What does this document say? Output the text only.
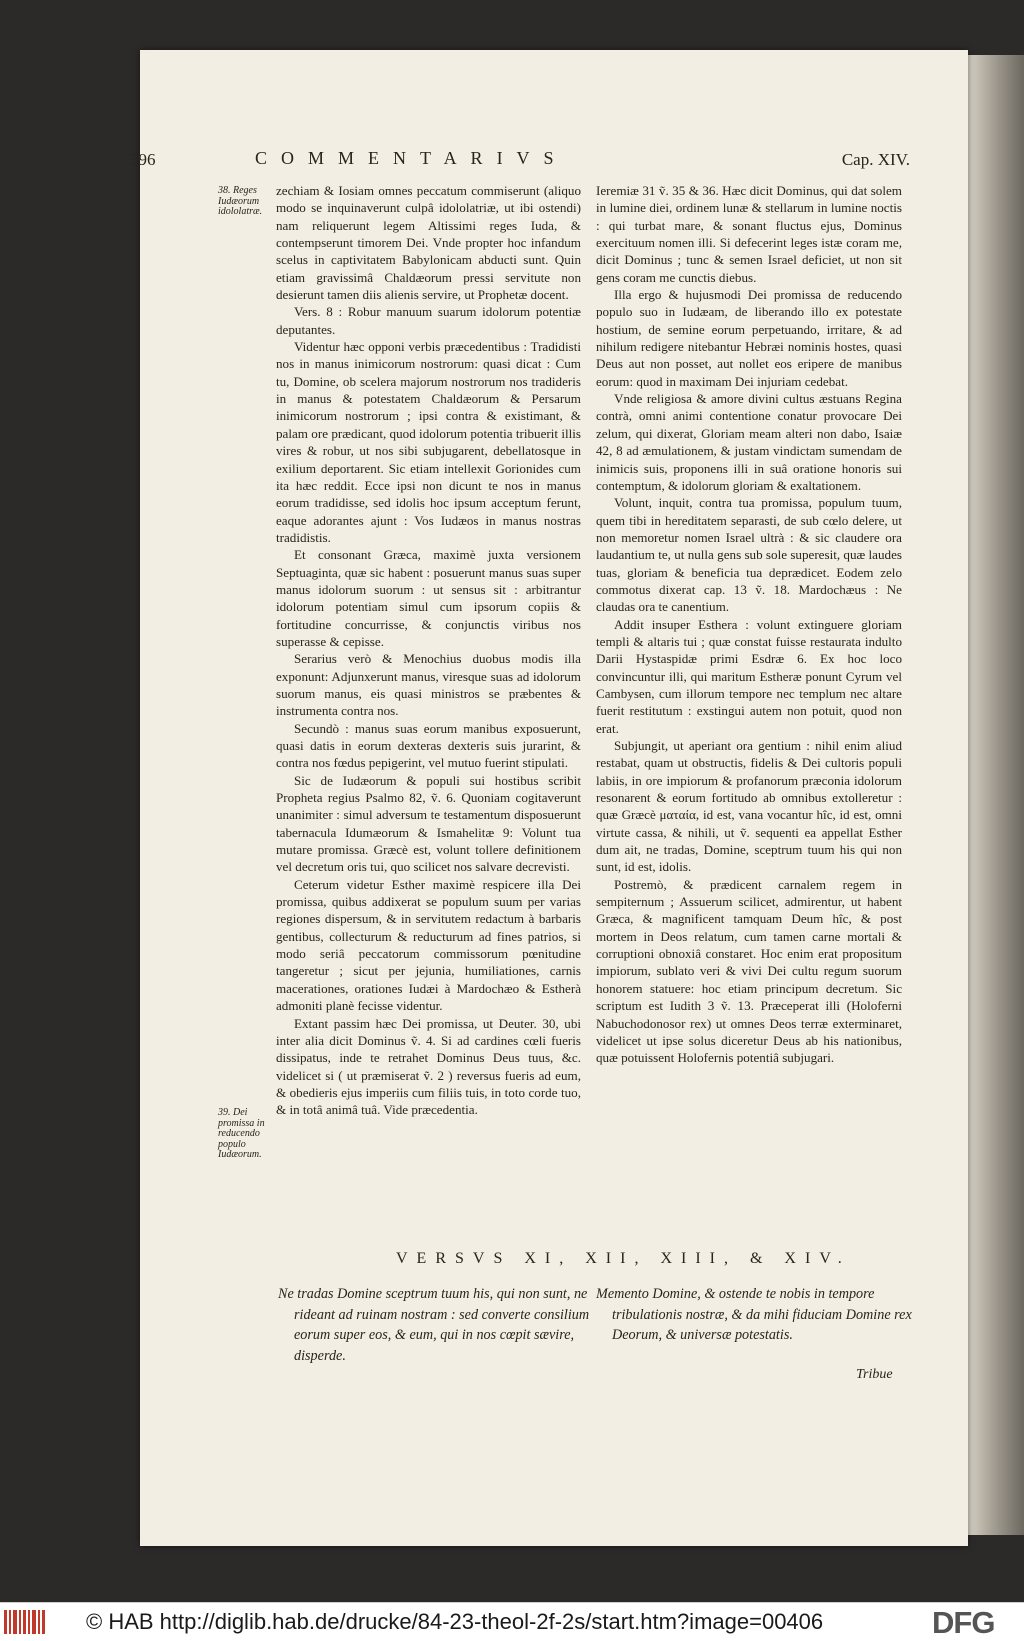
396	COMMENTARIVS	Cap. XIV.
38. Reges Iudæorum idololatræ.
39. Dei promissa in reducendo populo Iudæorum.

zechiam & Iosiam omnes peccatum commiserunt (aliquo modo se inquinaverunt culpâ idololatriæ, ut ibi ostendi) nam reliquerunt legem Altissimi reges Iuda, & contempserunt timorem Dei. Vnde propter hoc infandum scelus in captivitatem Babylonicam abducti sunt. Quin etiam gravissimâ Chaldæorum pressi servitute non desierunt tamen diis alienis servire, ut Prophetæ docent.

Vers. 8 : Robur manuum suarum idolorum potentiæ deputantes.

Videntur hæc opponi verbis præcedentibus : Tradidisti nos in manus inimicorum nostrorum: quasi dicat : Cum tu, Domine, ob scelera majorum nostrorum nos tradideris in manus & potestatem Chaldæorum & Persarum inimicorum nostrorum ; ipsi contra & existimant, & palam ore prædicant, quod idolorum potentia tribuerit illis vires & robur, ut nos sibi subjugarent, debellatosque in exilium deportarent. Sic etiam intellexit Gorionides cum ita hæc reddit. Ecce ipsi non dicunt te nos in manus eorum tradidisse, sed idolis hoc ipsum acceptum ferunt, eaque adorantes ajunt : Vos Iudæos in manus nostras tradidistis.

Et consonant Græca, maximè juxta versionem Septuaginta, quæ sic habent : posuerunt manus suas super manus idolorum suorum : ut sensus sit : arbitrantur idolorum potentiam simul cum ipsorum copiis & fortitudine concurrisse, & conjunctis viribus nos superasse & cepisse.

Serarius verò & Menochius duobus modis illa exponunt: Adjunxerunt manus, viresque suas ad idolorum suorum manus, eis quasi ministros se præbentes & instrumenta contra nos.

Secundò : manus suas eorum manibus exposuerunt, quasi datis in eorum dexteras dexteris suis jurarint, & contra nos fœdus pepigerint, vel mutuo fuerint stipulati.

Sic de Iudæorum & populi sui hostibus scribit Propheta regius Psalmo 82, ṽ. 6. Quoniam cogitaverunt unanimiter : simul adversum te testamentum disposuerunt tabernacula Idumæorum & Ismahelitæ 9: Volunt tua mutare promissa. Græcè est, volunt tollere definitionem vel decretum oris tui, quo scilicet nos salvare decrevisti.

Ceterum videtur Esther maximè respicere illa Dei promissa, quibus addixerat se populum suum per varias regiones dispersum, & in servitutem redactum à barbaris gentibus, collecturum & reducturum ad fines patrios, si modo seriâ peccatorum commissorum pœnitudine tangeretur ; sicut per jejunia, humiliationes, carnis macerationes, orationes Iudæi à Mardochæo & Estherà admoniti planè fecisse videntur.

Extant passim hæc Dei promissa, ut Deuter. 30, ubi inter alia dicit Dominus ṽ. 4. Si ad cardines cœli fueris dissipatus, inde te retrahet Dominus Deus tuus, &c. videlicet si ( ut præmiserat ṽ. 2 ) reversus fueris ad eum, & obedieris ejus imperiis cum filiis tuis, in toto corde tuo, & in totâ animâ tuâ. Vide præcedentia.

Ieremiæ 31 ṽ. 35 & 36. Hæc dicit Dominus, qui dat solem in lumine diei, ordinem lunæ & stellarum in lumine noctis : qui turbat mare, & sonant fluctus ejus, Dominus exercituum nomen illi. Si defecerint leges istæ coram me, dicit Dominus ; tunc & semen Israel deficiet, ut non sit gens coram me cunctis diebus.

Illa ergo & hujusmodi Dei promissa de reducendo populo suo in Iudæam, de liberando illo ex potestate hostium, de semine eorum perpetuando, irritare, & ad nihilum redigere nitebantur Hebræi nominis hostes, quasi Deus aut non posset, aut nollet eos eripere de manibus eorum: quod in maximam Dei injuriam cedebat.

Vnde religiosa & amore divini cultus æstuans Regina contrà, omni animi contentione conatur provocare Dei zelum, qui dixerat, Gloriam meam alteri non dabo, Isaiæ 42, 8 ad æmulationem, & justam vindictam sumendam de inimicis suis, proponens illi in suâ oratione honoris sui contemptum, & idolorum gloriam & exaltationem.

Volunt, inquit, contra tua promissa, populum tuum, quem tibi in hereditatem separasti, de sub cœlo delere, ut non memoretur nomen Israel ultrà : & sic claudere ora laudantium te, ut nulla gens sub sole superesit, quæ laudes tuas, gloriam & beneficia tua deprædicet. Eodem zelo commotus dixerat cap. 13 ṽ. 18. Mardochæus : Ne claudas ora te canentium.

Addit insuper Esthera : volunt extinguere gloriam templi & altaris tui ; quæ constat fuisse restaurata indulto Darii Hystaspidæ primi Esdræ 6. Ex hoc loco convincuntur illi, qui maritum Estheræ ponunt Cyrum vel Cambysen, cum illorum tempore nec templum nec altare fuerit restitutum : exstingui autem non potuit, quod non erat.

Subjungit, ut aperiant ora gentium : nihil enim aliud restabat, quam ut obstructis, fidelis & Dei cultoris populi labiis, in ore impiorum & profanorum præconia idolorum resonarent & eorum fortitudo ab omnibus extolleretur : quæ Græcè ματαία, id est, vana vocantur hîc, id est, omni virtute cassa, & nihili, ut ṽ. sequenti ea appellat Esther dum ait, ne tradas, Domine, sceptrum tuum his qui non sunt, id est, idolis.

Postremò, & prædicent carnalem regem in sempiternum ; Assuerum scilicet, admirentur, ut habent Græca, & magnificent tamquam Deum hîc, & post mortem in Deos relatum, cum tamen carne mortali & corruptioni obnoxiâ constaret. Hoc enim erat propositum impiorum, sublato veri & vivi Dei cultu regum suorum honorem statuere: hoc etiam principum decretum. Sic scriptum est Iudith 3 ṽ. 13. Præceperat illi (Holoferni Nabuchodonosor rex) ut omnes Deos terræ exterminaret, videlicet ut ipse solus diceretur Deus ab his nationibus, quæ potuissent Holofernis potentiâ subjugari.

VERSVS XI, XII, XIII, & XIV.
Ne tradas Domine sceptrum tuum his, qui non sunt, ne rideant ad ruinam nostram : sed converte consilium eorum super eos, & eum, qui in nos cœpit sævire, disperde.
Memento Domine, & ostende te nobis in tempore tribulationis nostræ, & da mihi fiduciam Domine rex Deorum, & universæ potestatis.
Tribue
© HAB http://diglib.hab.de/drucke/84-23-theol-2f-2s/start.htm?image=00406	DFG
